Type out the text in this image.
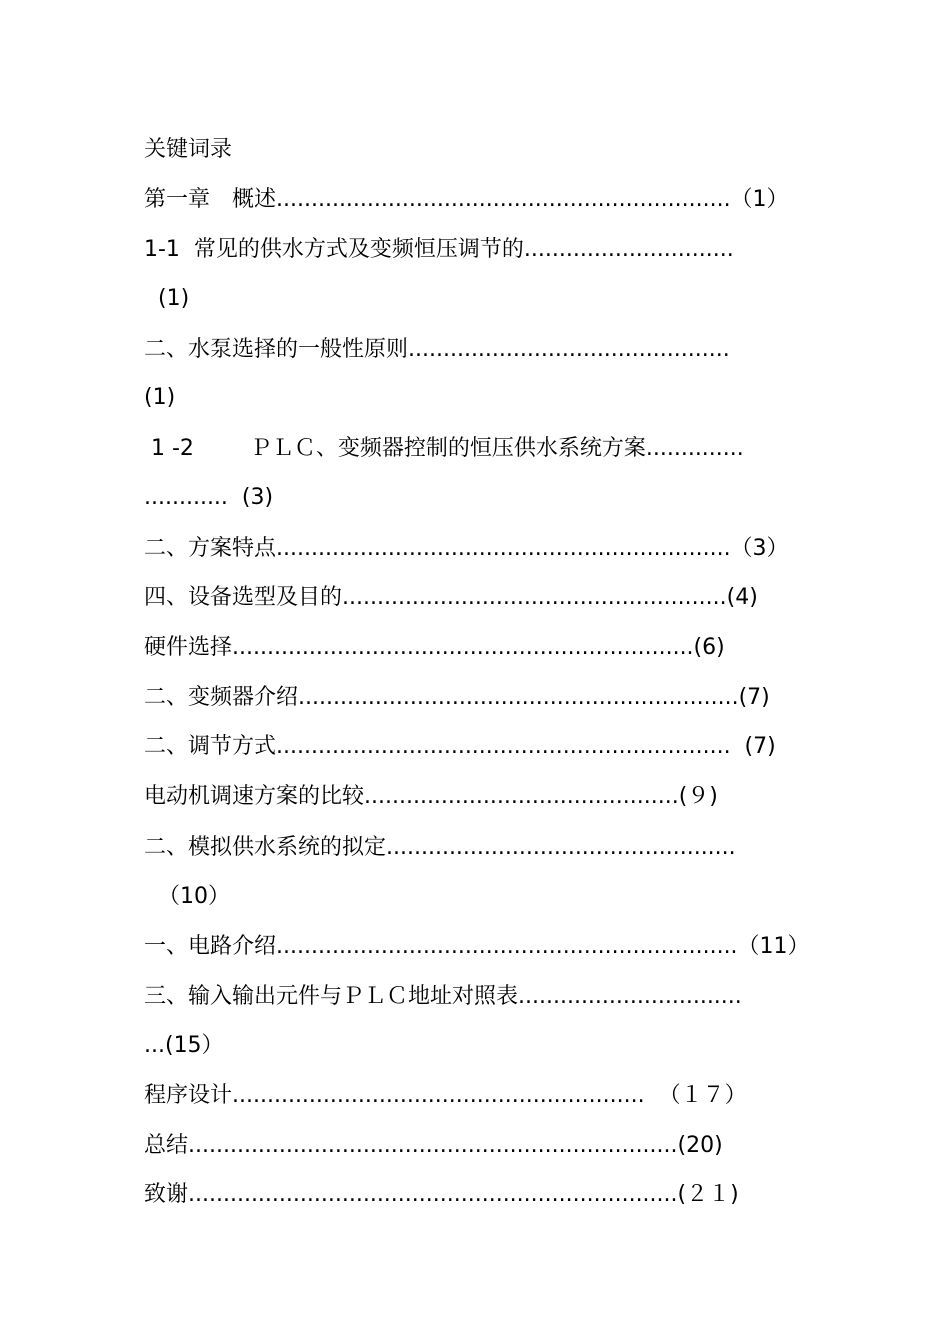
关键词录
第一章　概述.................................................................（1）
1-1  常见的供水方式及变频恒压调节的..............................
(1)
二、水泵选择的一般性原则..............................................
(1)
1 -2        ＰＬＣ、变频器控制的恒压供水系统方案..............
............  (3)
二、方案特点.................................................................（3）
四、设备选型及目的.......................................................(4)
硬件选择..................................................................(6)
二、变频器介绍...............................................................(7)
二、调节方式.................................................................  (7)
电动机调速方案的比较.............................................(９)
二、模拟供水系统的拟定..................................................
（10）
一、电路介绍..................................................................（11）
三、输入输出元件与ＰＬＣ地址对照表................................
...(15）
程序设计...........................................................  （１７）
总结......................................................................(20)
致谢......................................................................(２１)
